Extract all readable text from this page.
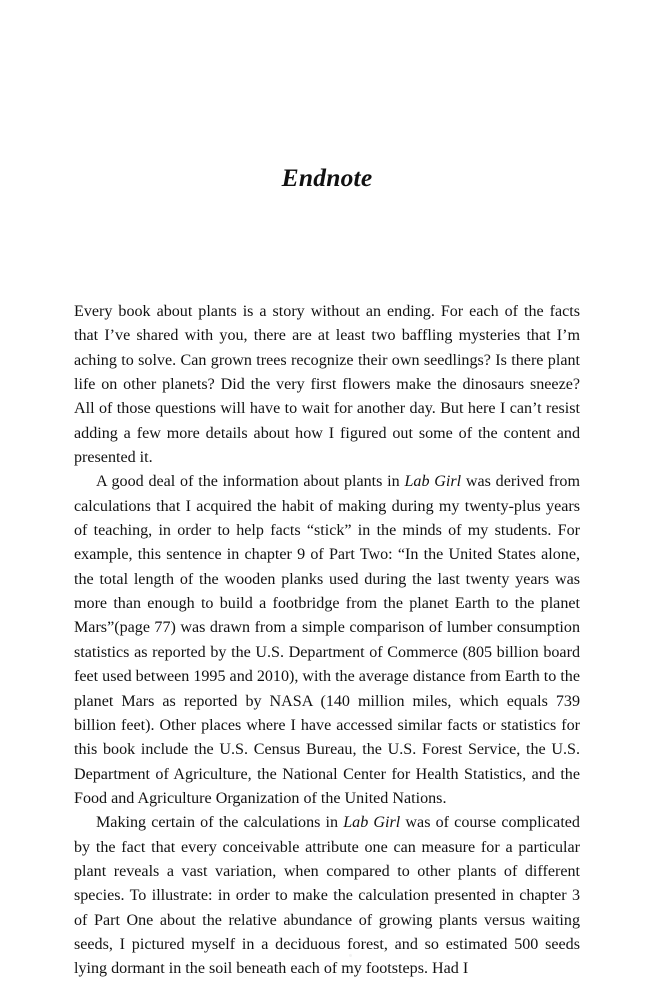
Endnote

Every book about plants is a story without an ending. For each of the facts that I’ve shared with you, there are at least two baffling mysteries that I’m aching to solve. Can grown trees recognize their own seedlings? Is there plant life on other planets? Did the very first flowers make the dinosaurs sneeze? All of those questions will have to wait for another day. But here I can’t resist adding a few more details about how I figured out some of the content and presented it.

A good deal of the information about plants in Lab Girl was derived from calculations that I acquired the habit of making during my twenty-plus years of teaching, in order to help facts “stick” in the minds of my students. For example, this sentence in chapter 9 of Part Two: “In the United States alone, the total length of the wooden planks used during the last twenty years was more than enough to build a footbridge from the planet Earth to the planet Mars”(page 77) was drawn from a simple comparison of lumber consumption statistics as reported by the U.S. Department of Commerce (805 billion board feet used between 1995 and 2010), with the average distance from Earth to the planet Mars as reported by NASA (140 million miles, which equals 739 billion feet). Other places where I have accessed similar facts or statistics for this book include the U.S. Census Bureau, the U.S. Forest Service, the U.S. Department of Agriculture, the National Center for Health Statistics, and the Food and Agriculture Organization of the United Nations.

Making certain of the calculations in Lab Girl was of course complicated by the fact that every conceivable attribute one can measure for a particular plant reveals a vast variation, when compared to other plants of different species. To illustrate: in order to make the calculation presented in chapter 3 of Part One about the relative abundance of growing plants versus waiting seeds, I pictured myself in a deciduous forest, and so estimated 500 seeds lying dormant in the soil beneath each of my footsteps. Had I
